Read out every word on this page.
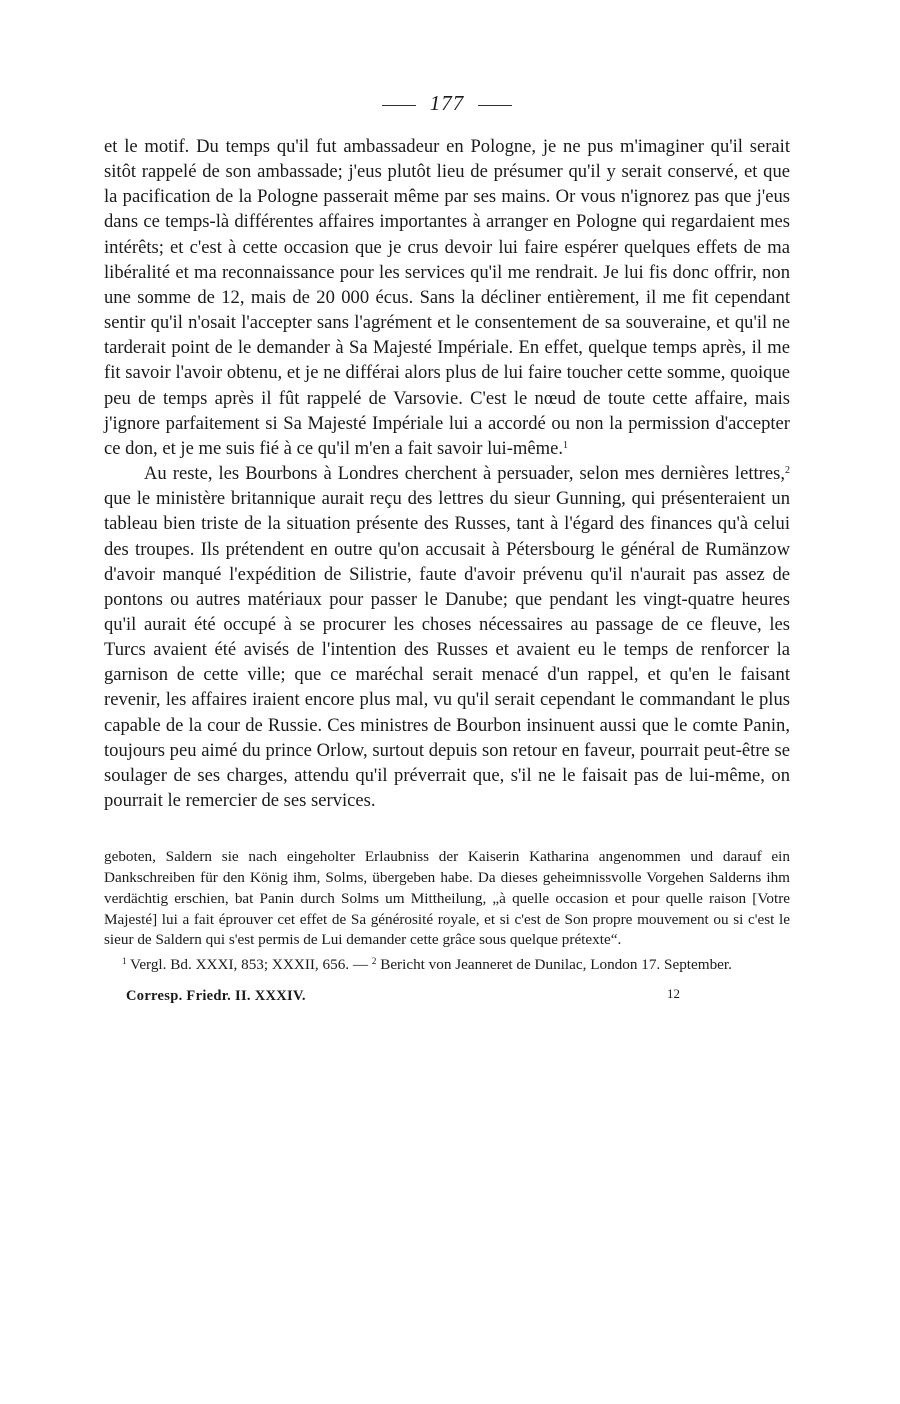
177

et le motif. Du temps qu'il fut ambassadeur en Pologne, je ne pus m'imaginer qu'il serait sitôt rappelé de son ambassade; j'eus plutôt lieu de présumer qu'il y serait conservé, et que la pacification de la Pologne passerait même par ses mains. Or vous n'ignorez pas que j'eus dans ce temps-là différentes affaires importantes à arranger en Pologne qui regardaient mes intérêts; et c'est à cette occasion que je crus devoir lui faire espérer quelques effets de ma libéralité et ma reconnaissance pour les services qu'il me rendrait. Je lui fis donc offrir, non une somme de 12, mais de 20 000 écus. Sans la décliner entièrement, il me fit cependant sentir qu'il n'osait l'accepter sans l'agrément et le consentement de sa souveraine, et qu'il ne tarderait point de le demander à Sa Majesté Impériale. En effet, quelque temps après, il me fit savoir l'avoir obtenu, et je ne différai alors plus de lui faire toucher cette somme, quoique peu de temps après il fût rappelé de Varsovie. C'est le nœud de toute cette affaire, mais j'ignore parfaitement si Sa Majesté Impériale lui a accordé ou non la permission d'accepter ce don, et je me suis fié à ce qu'il m'en a fait savoir lui-même.$^1$

Au reste, les Bourbons à Londres cherchent à persuader, selon mes dernières lettres,$^2$ que le ministère britannique aurait reçu des lettres du sieur Gunning, qui présenteraient un tableau bien triste de la situation présente des Russes, tant à l'égard des finances qu'à celui des troupes. Ils prétendent en outre qu'on accusait à Pétersbourg le général de Rumänzow d'avoir manqué l'expédition de Silistrie, faute d'avoir prévenu qu'il n'aurait pas assez de pontons ou autres matériaux pour passer le Danube; que pendant les vingt-quatre heures qu'il aurait été occupé à se procurer les choses nécessaires au passage de ce fleuve, les Turcs avaient été avisés de l'intention des Russes et avaient eu le temps de renforcer la garnison de cette ville; que ce maréchal serait menacé d'un rappel, et qu'en le faisant revenir, les affaires iraient encore plus mal, vu qu'il serait cependant le commandant le plus capable de la cour de Russie. Ces ministres de Bourbon insinuent aussi que le comte Panin, toujours peu aimé du prince Orlow, surtout depuis son retour en faveur, pourrait peut-être se soulager de ses charges, attendu qu'il préverrait que, s'il ne le faisait pas de lui-même, on pourrait le remercier de ses services.

geboten, Saldern sie nach eingeholter Erlaubniss der Kaiserin Katharina angenommen und darauf ein Dankschreiben für den König ihm, Solms, übergeben habe. Da dieses geheimnissvolle Vorgehen Salderns ihm verdächtig erschien, bat Panin durch Solms um Mittheilung, „à quelle occasion et pour quelle raison [Votre Majesté] lui a fait éprouver cet effet de Sa générosité royale, et si c'est de Son propre mouvement ou si c'est le sieur de Saldern qui s'est permis de Lui demander cette grâce sous quelque prétexte“.

$^1$ Vergl. Bd. XXXI, 853; XXXII, 656. — $^2$ Bericht von Jeanneret de Dunilac, London 17. September.

Corresp. Friedr. II. XXXIV.	12
